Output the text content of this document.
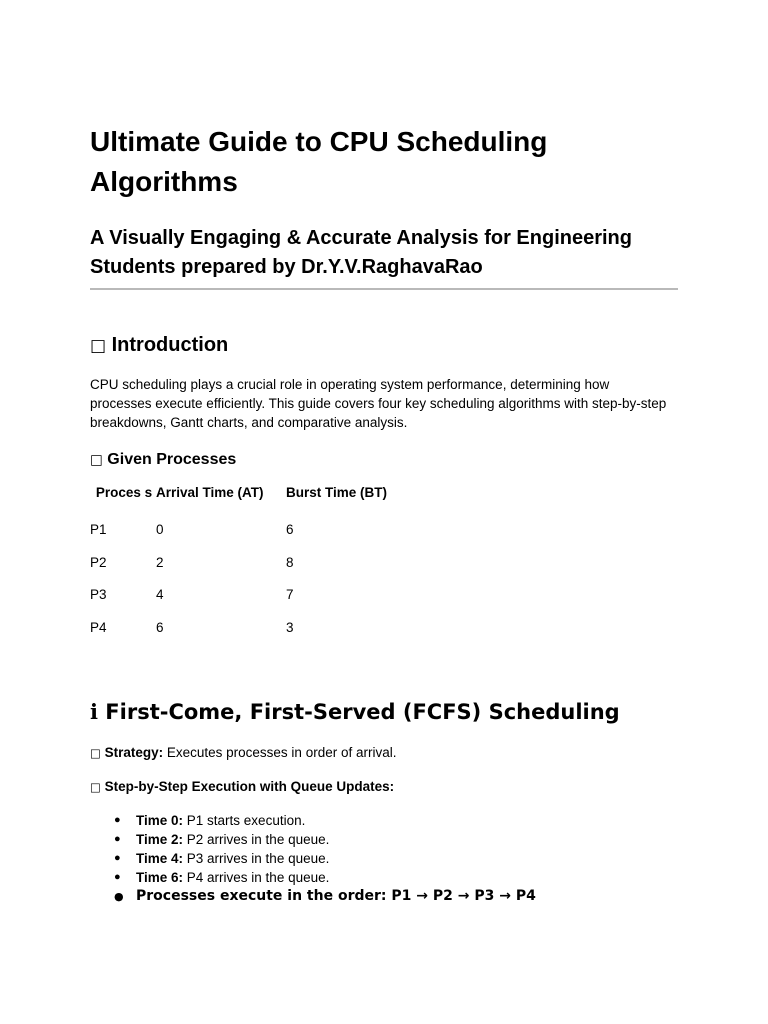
Ultimate Guide to CPU Scheduling Algorithms
A Visually Engaging & Accurate Analysis for Engineering Students prepared by Dr.Y.V.RaghavaRao
□ Introduction

CPU scheduling plays a crucial role in operating system performance, determining how processes execute efficiently. This guide covers four key scheduling algorithms with step-by-step breakdowns, Gantt charts, and comparative analysis.

□ Given Processes
Proces s	Arrival Time (AT)	Burst Time (BT)
P1	0	6
P2	2	8
P3	4	7
P4	6	3
ℹ First-Come, First-Served (FCFS) Scheduling

□ Strategy: Executes processes in order of arrival.

□ Step-by-Step Execution with Queue Updates:

● Time 0: P1 starts execution.
● Time 2: P2 arrives in the queue.
● Time 4: P3 arrives in the queue.
● Time 6: P4 arrives in the queue.
● Processes execute in the order: P1 → P2 → P3 → P4
